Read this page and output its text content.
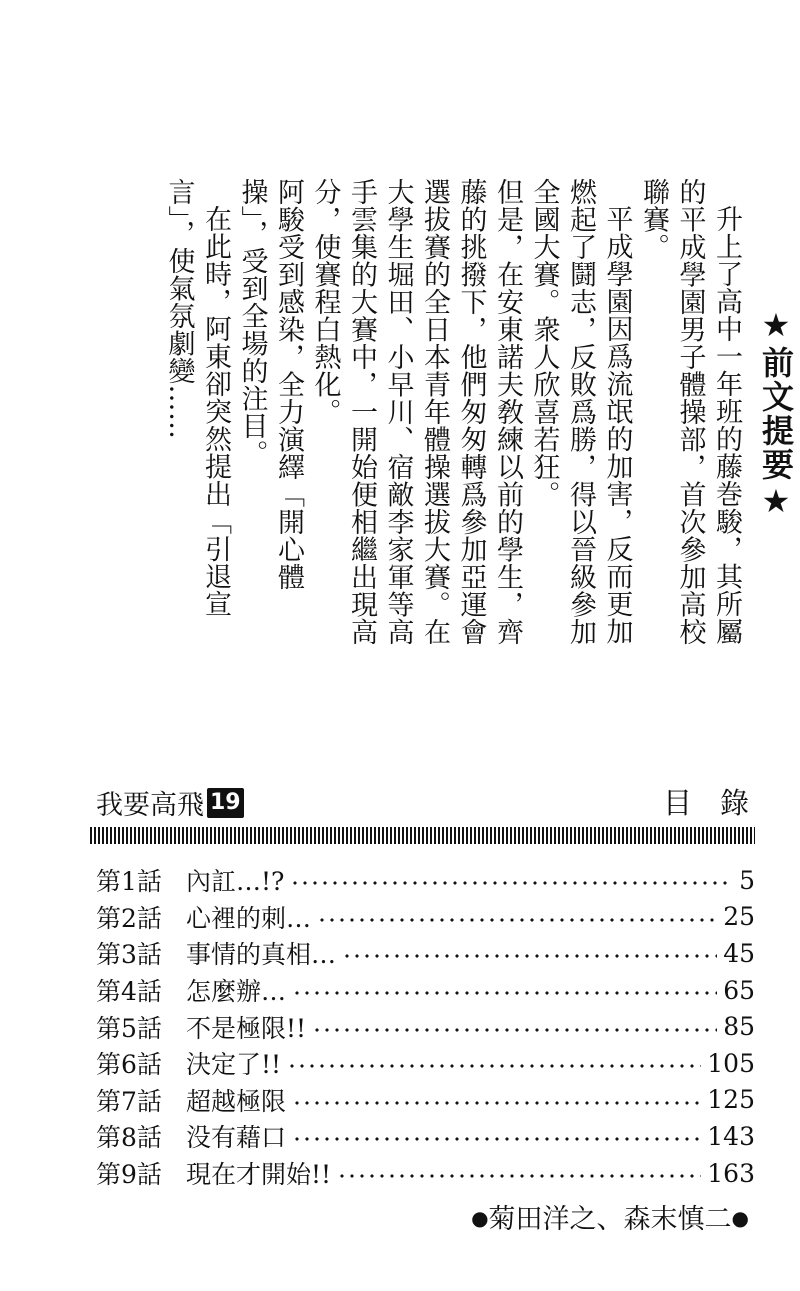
★前文提要★

升上了高中一年班的藤巻駿，其所屬的平成學園男子體操部，首次參加高校聯賽。

平成學園因爲流氓的加害，反而更加燃起了鬪志，反敗爲勝，得以晉級參加全國大賽。衆人欣喜若狂。

但是，在安東諾夫敎練以前的學生，齊藤的挑撥下，他們匆匆轉爲參加亞運會選拔賽的全日本青年體操選拔大賽。在大學生堀田、小早川、宿敵李家軍等高手雲集的大賽中，一開始便相繼出現高分，使賽程白熱化。

阿駿受到感染，全力演繹「開心體操」，受到全場的注目。

在此時，阿東卻突然提出「引退宣言」，使氣氛劇變……

我要高飛 19	目錄
第1話 內訌…!?	5
第2話 心裡的刺…	25
第3話 事情的真相…	45
第4話 怎麼辦…	65
第5話 不是極限!!	85
第6話 決定了!!	105
第7話 超越極限	125
第8話 没有藉口	143
第9話 現在才開始!!	163
●菊田洋之、森末慎二●
